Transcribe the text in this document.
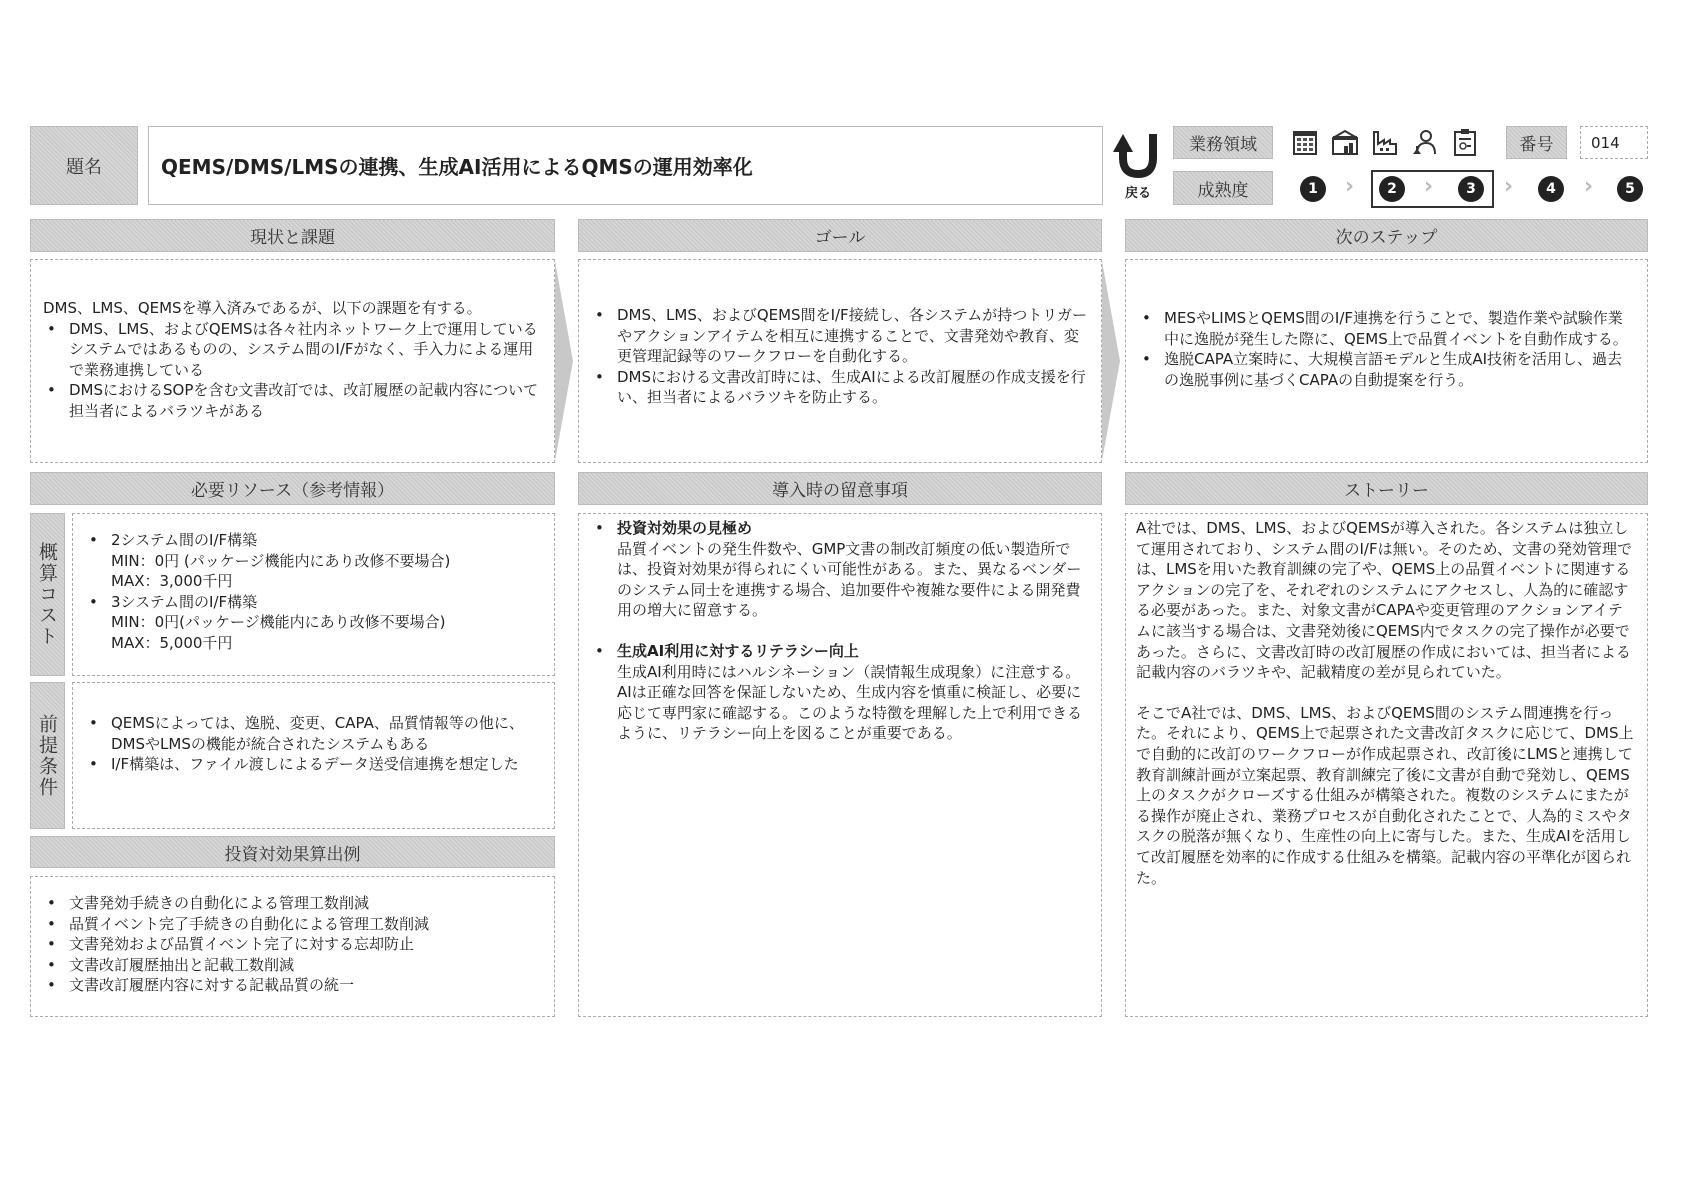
題名	QEMS/DMS/LMSの連携、生成AI活用によるQMSの運用効率化
戻る
業務領域	番号	014
成熟度	1	›	2	›	3	›	4	›	5
現状と課題	ゴール	次のステップ
DMS、LMS、QEMSを導入済みであるが、以下の課題を有する。
• DMS、LMS、およびQEMSは各々社内ネットワーク上で運用しているシステムではあるものの、システム間のI/Fがなく、手入力による運用で業務連携している
• DMSにおけるSOPを含む文書改訂では、改訂履歴の記載内容について担当者によるバラツキがある
• DMS、LMS、およびQEMS間をI/F接続し、各システムが持つトリガーやアクションアイテムを相互に連携することで、文書発効や教育、変更管理記録等のワークフローを自動化する。
• DMSにおける文書改訂時には、生成AIによる改訂履歴の作成支援を行い、担当者によるバラツキを防止する。
• MESやLIMSとQEMS間のI/F連携を行うことで、製造作業や試験作業中に逸脱が発生した際に、QEMS上で品質イベントを自動作成する。
• 逸脱CAPA立案時に、大規模言語モデルと生成AI技術を活用し、過去の逸脱事例に基づくCAPAの自動提案を行う。
必要リソース（参考情報）	導入時の留意事項	ストーリー
概算コスト
• 2システム間のI/F構築
MIN：0円 (パッケージ機能内にあり改修不要場合)
MAX：3,000千円
• 3システム間のI/F構築
MIN：0円(パッケージ機能内にあり改修不要場合)
MAX：5,000千円
前提条件	• QEMSによっては、逸脱、変更、CAPA、品質情報等の他に、DMSやLMSの機能が統合されたシステムもある
• I/F構築は、ファイル渡しによるデータ送受信連携を想定した
投資対効果算出例
• 文書発効手続きの自動化による管理工数削減
• 品質イベント完了手続きの自動化による管理工数削減
• 文書発効および品質イベント完了に対する忘却防止
• 文書改訂履歴抽出と記載工数削減
• 文書改訂履歴内容に対する記載品質の統一
• 投資対効果の見極め
品質イベントの発生件数や、GMP文書の制改訂頻度の低い製造所では、投資対効果が得られにくい可能性がある。また、異なるベンダーのシステム同士を連携する場合、追加要件や複雑な要件による開発費用の増大に留意する。
• 生成AI利用に対するリテラシー向上
生成AI利用時にはハルシネーション（誤情報生成現象）に注意する。AIは正確な回答を保証しないため、生成内容を慎重に検証し、必要に応じて専門家に確認する。このような特徴を理解した上で利用できるように、リテラシー向上を図ることが重要である。

A社では、DMS、LMS、およびQEMSが導入された。各システムは独立して運用されており、システム間のI/Fは無い。そのため、文書の発効管理では、LMSを用いた教育訓練の完了や、QEMS上の品質イベントに関連するアクションの完了を、それぞれのシステムにアクセスし、人為的に確認する必要があった。また、対象文書がCAPAや変更管理のアクションアイテムに該当する場合は、文書発効後にQEMS内でタスクの完了操作が必要であった。さらに、文書改訂時の改訂履歴の作成においては、担当者による記載内容のバラツキや、記載精度の差が見られていた。

そこでA社では、DMS、LMS、およびQEMS間のシステム間連携を行った。それにより、QEMS上で起票された文書改訂タスクに応じて、DMS上で自動的に改訂のワークフローが作成起票され、改訂後にLMSと連携して教育訓練計画が立案起票、教育訓練完了後に文書が自動で発効し、QEMS上のタスクがクローズする仕組みが構築された。複数のシステムにまたがる操作が廃止され、業務プロセスが自動化されたことで、人為的ミスやタスクの脱落が無くなり、生産性の向上に寄与した。また、生成AIを活用して改訂履歴を効率的に作成する仕組みを構築。記載内容の平準化が図られた。
